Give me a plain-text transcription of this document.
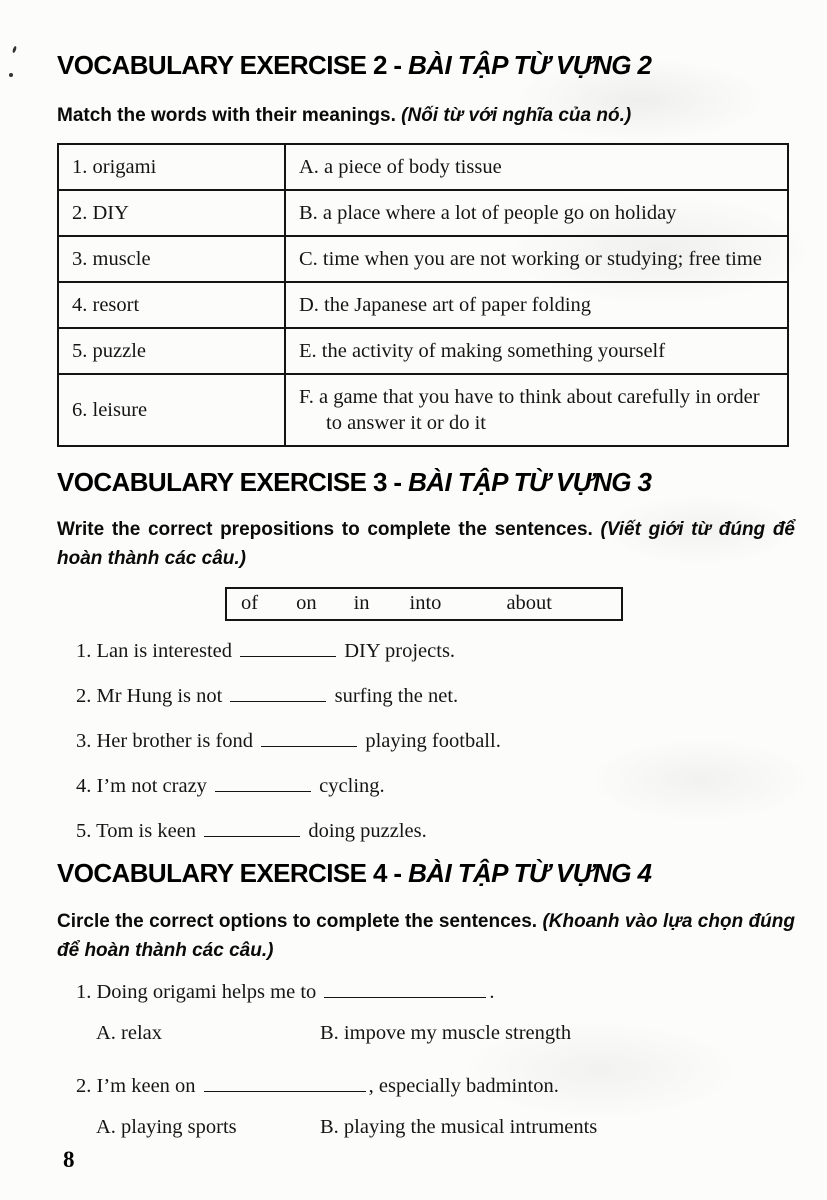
VOCABULARY EXERCISE 2 - BÀI TẬP TỪ VỰNG 2

Match the words with their meanings. (Nối từ với nghĩa của nó.)

1. origami	A. a piece of body tissue

2. DIY	B. a place where a lot of people go on holiday

3. muscle	C. time when you are not working or studying; free time

4. resort	D. the Japanese art of paper folding

5. puzzle	E. the activity of making something yourself

6. leisure	F. a game that you have to think about carefully in order to answer it or do it
VOCABULARY EXERCISE 3 - BÀI TẬP TỪ VỰNG 3

Write the correct prepositions to complete the sentences. (Viết giới từ đúng để hoàn thành các câu.)

of on in into	about
1. Lan is interested	DIY projects.
2. Mr Hung is not	surfing the net.
3. Her brother is fond	playing football.
4. I’m not crazy	cycling.
5. Tom is keen	doing puzzles.
VOCABULARY EXERCISE 4 - BÀI TẬP TỪ VỰNG 4

Circle the correct options to complete the sentences. (Khoanh vào lựa chọn đúng để hoàn thành các câu.)

1. Doing origami helps me to	.
A. relax	B. impove my muscle strength
2. I’m keen on	, especially badminton.
A. playing sports	B. playing the musical intruments
8
